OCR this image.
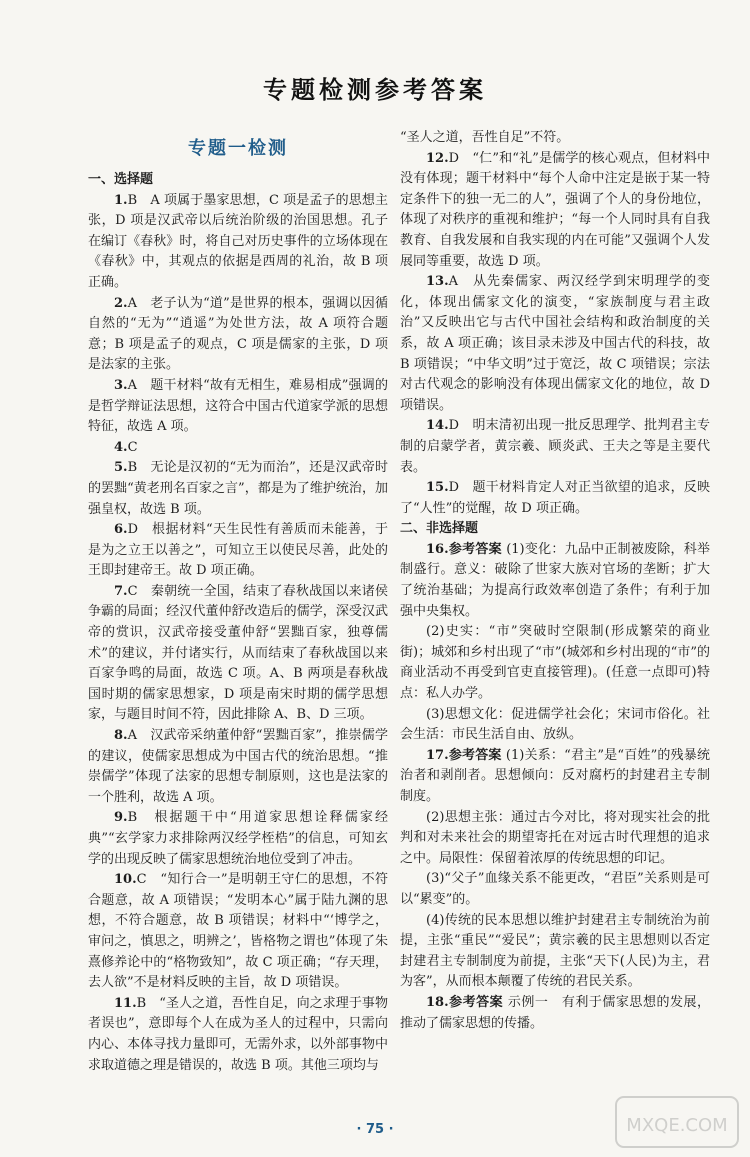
专题检测参考答案
专题一检测
一、选择题

1.B　A 项属于墨家思想，C 项是孟子的思想主张，D 项是汉武帝以后统治阶级的治国思想。孔子在编订《春秋》时，将自己对历史事件的立场体现在《春秋》中，其观点的依据是西周的礼治，故 B 项正确。

2.A　老子认为“道”是世界的根本，强调以因循自然的“无为”“逍遥”为处世方法，故 A 项符合题意；B 项是孟子的观点，C 项是儒家的主张，D 项是法家的主张。

3.A　题干材料“故有无相生，难易相成”强调的是哲学辩证法思想，这符合中国古代道家学派的思想特征，故选 A 项。

4.C

5.B　无论是汉初的“无为而治”，还是汉武帝时的罢黜“黄老刑名百家之言”，都是为了维护统治，加强皇权，故选 B 项。

6.D　根据材料“天生民性有善质而未能善，于是为之立王以善之”，可知立王以使民尽善，此处的王即封建帝王。故 D 项正确。

7.C　秦朝统一全国，结束了春秋战国以来诸侯争霸的局面；经汉代董仲舒改造后的儒学，深受汉武帝的赏识，汉武帝接受董仲舒“罢黜百家，独尊儒术”的建议，并付诸实行，从而结束了春秋战国以来百家争鸣的局面，故选 C 项。A、B 两项是春秋战国时期的儒家思想家，D 项是南宋时期的儒学思想家，与题目时间不符，因此排除 A、B、D 三项。

8.A　汉武帝采纳董仲舒“罢黜百家”，推崇儒学的建议，使儒家思想成为中国古代的统治思想。“推崇儒学”体现了法家的思想专制原则，这也是法家的一个胜利，故选 A 项。

9.B　根据题干中“用道家思想诠释儒家经典”“玄学家力求排除两汉经学桎梏”的信息，可知玄学的出现反映了儒家思想统治地位受到了冲击。

10.C　“知行合一”是明朝王守仁的思想，不符合题意，故 A 项错误；“发明本心”属于陆九渊的思想，不符合题意，故 B 项错误；材料中“‘博学之，审问之，慎思之，明辨之’，皆格物之谓也”体现了朱熹修养论中的“格物致知”，故 C 项正确；“存天理，去人欲”不是材料反映的主旨，故 D 项错误。

11.B　“圣人之道，吾性自足，向之求理于事物者误也”，意即每个人在成为圣人的过程中，只需向内心、本体寻找力量即可，无需外求，以外部事物中求取道德之理是错误的，故选 B 项。其他三项均与

“圣人之道，吾性自足”不符。

12.D　“仁”和“礼”是儒学的核心观点，但材料中没有体现；题干材料中“每个人命中注定是嵌于某一特定条件下的独一无二的人”，强调了个人的身份地位，体现了对秩序的重视和维护；“每一个人同时具有自我教育、自我发展和自我实现的内在可能”又强调个人发展同等重要，故选 D 项。

13.A　从先秦儒家、两汉经学到宋明理学的变化，体现出儒家文化的演变，“家族制度与君主政治”又反映出它与古代中国社会结构和政治制度的关系，故 A 项正确；该目录未涉及中国古代的科技，故 B 项错误；“中华文明”过于宽泛，故 C 项错误；宗法对古代观念的影响没有体现出儒家文化的地位，故 D 项错误。

14.D　明末清初出现一批反思理学、批判君主专制的启蒙学者，黄宗羲、顾炎武、王夫之等是主要代表。

15.D　题干材料肯定人对正当欲望的追求，反映了“人性”的觉醒，故 D 项正确。

二、非选择题

16.参考答案 (1)变化：九品中正制被废除，科举制盛行。意义：破除了世家大族对官场的垄断；扩大了统治基础；为提高行政效率创造了条件；有利于加强中央集权。

(2)史实：“市”突破时空限制(形成繁荣的商业街)；城郊和乡村出现了“市”(城郊和乡村出现的“市”的商业活动不再受到官吏直接管理)。(任意一点即可)特点：私人办学。

(3)思想文化：促进儒学社会化；宋词市俗化。社会生活：市民生活自由、放纵。

17.参考答案 (1)关系：“君主”是“百姓”的残暴统治者和剥削者。思想倾向：反对腐朽的封建君主专制制度。

(2)思想主张：通过古今对比，将对现实社会的批判和对未来社会的期望寄托在对远古时代理想的追求之中。局限性：保留着浓厚的传统思想的印记。

(3)“父子”血缘关系不能更改，“君臣”关系则是可以“累变”的。

(4)传统的民本思想以维护封建君主专制统治为前提，主张“重民”“爱民”；黄宗羲的民主思想则以否定封建君主专制制度为前提，主张“天下(人民)为主，君为客”，从而根本颠覆了传统的君民关系。

18.参考答案 示例一　有利于儒家思想的发展，推动了儒家思想的传播。

· 75 ·	MXQE.COM
